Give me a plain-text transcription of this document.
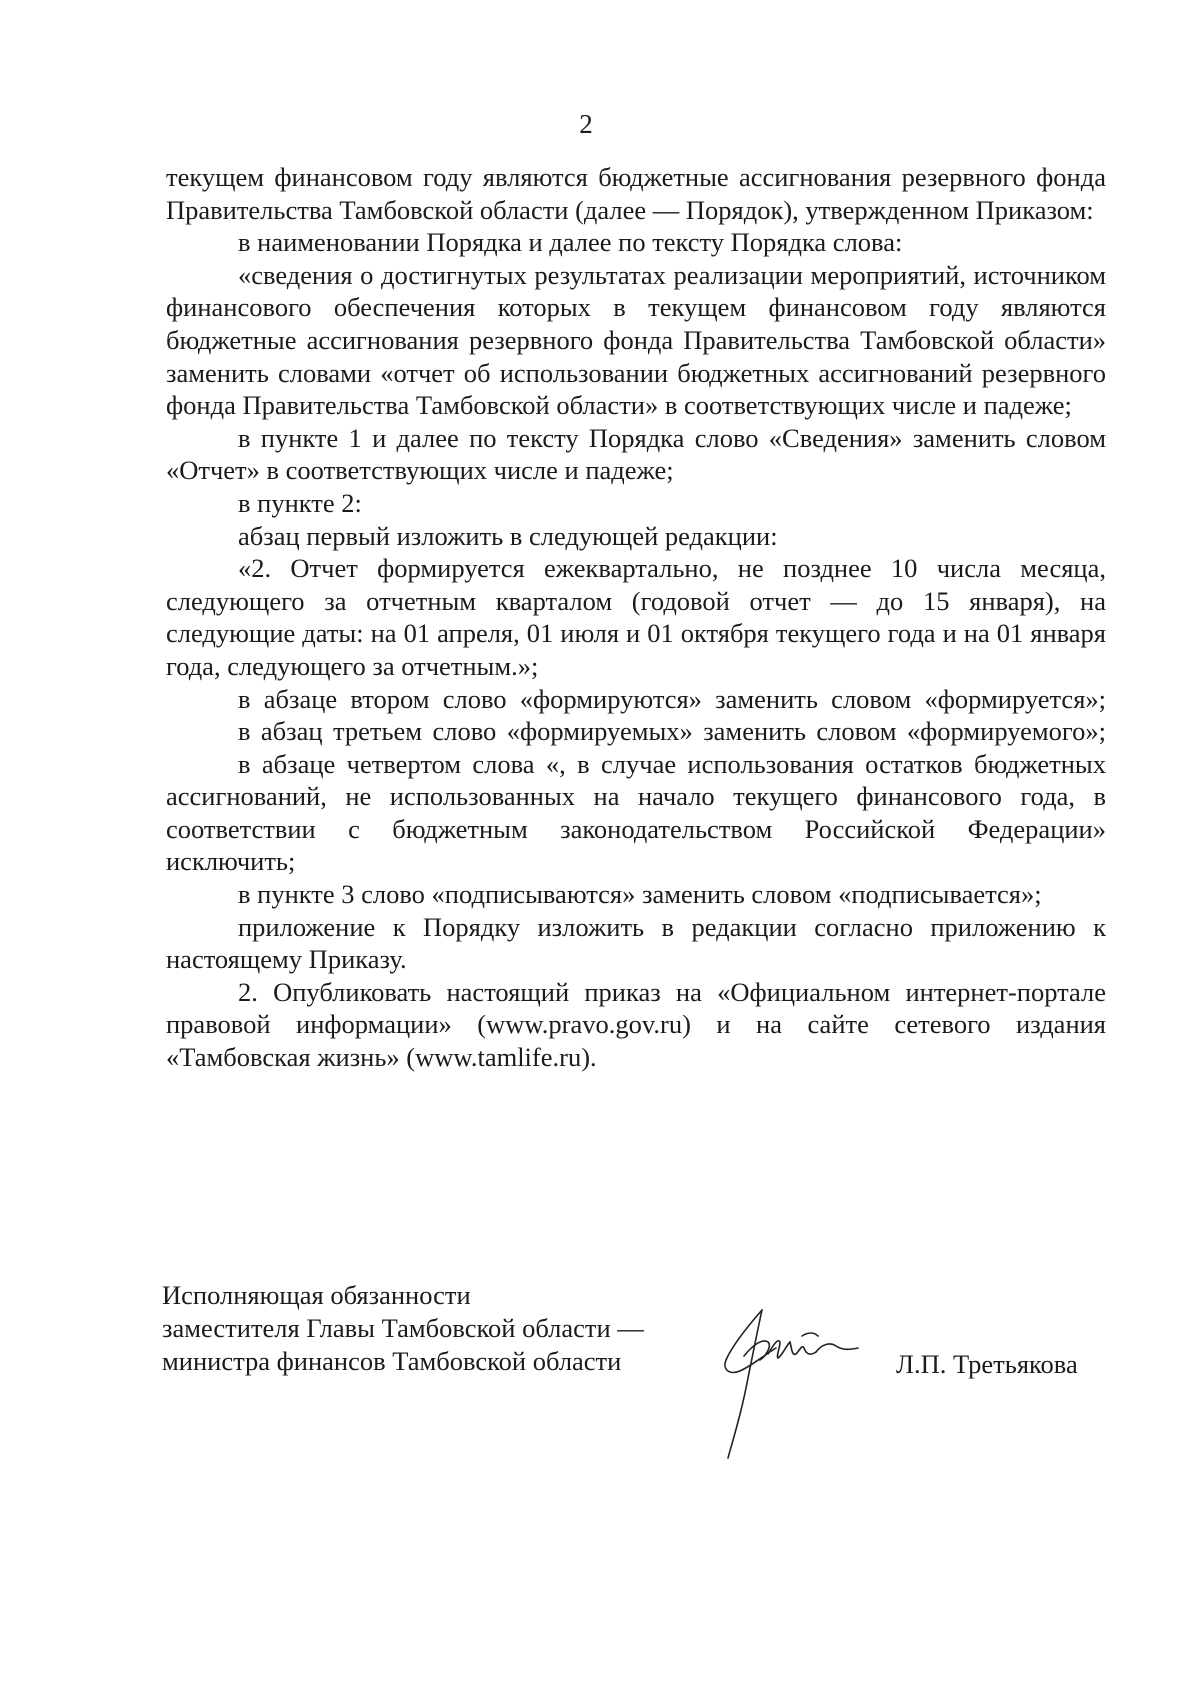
2

текущем финансовом году являются бюджетные ассигнования резервного фонда Правительства Тамбовской области (далее — Порядок), утвержденном Приказом:

в наименовании Порядка и далее по тексту Порядка слова:

«сведения о достигнутых результатах реализации мероприятий, источником финансового обеспечения которых в текущем финансовом году являются бюджетные ассигнования резервного фонда Правительства Тамбовской области» заменить словами «отчет об использовании бюджетных ассигнований резервного фонда Правительства Тамбовской области» в соответствующих числе и падеже;

в пункте 1 и далее по тексту Порядка слово «Сведения» заменить словом «Отчет» в соответствующих числе и падеже;

в пункте 2:

абзац первый изложить в следующей редакции:

«2. Отчет формируется ежеквартально, не позднее 10 числа месяца, следующего за отчетным кварталом (годовой отчет — до 15 января), на следующие даты: на 01 апреля, 01 июля и 01 октября текущего года и на 01 января года, следующего за отчетным.»;

в абзаце втором слово «формируются» заменить словом «формируется»;

в абзац третьем слово «формируемых» заменить словом «формируемого»;

в абзаце четвертом слова «, в случае использования остатков бюджетных ассигнований, не использованных на начало текущего финансового года, в соответствии с бюджетным законодательством Российской Федерации» исключить;

в пункте 3 слово «подписываются» заменить словом «подписывается»;

приложение к Порядку изложить в редакции согласно приложению к настоящему Приказу.

2. Опубликовать настоящий приказ на «Официальном интернет-портале правовой информации» (www.pravo.gov.ru) и на сайте сетевого издания «Тамбовская жизнь» (www.tamlife.ru).

Исполняющая обязанности
заместителя Главы Тамбовской области —
министра финансов Тамбовской области	Л.П. Третьякова
